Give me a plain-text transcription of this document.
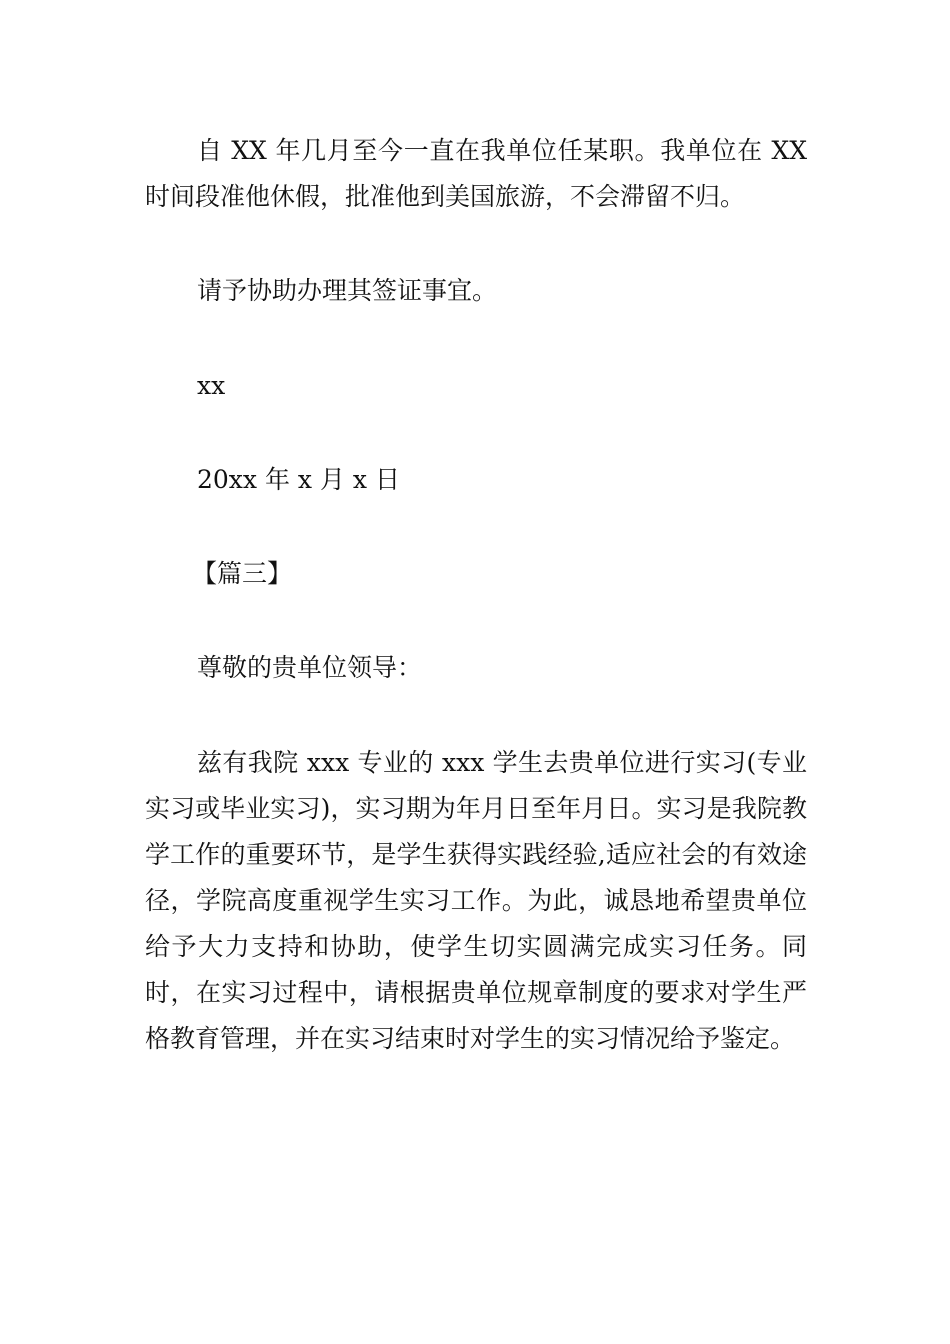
自 XX 年几月至今一直在我单位任某职。我单位在 XX 时间段准他休假，批准他到美国旅游，不会滞留不归。

请予协助办理其签证事宜。

xx

20xx 年 x 月 x 日

【篇三】

尊敬的贵单位领导：

兹有我院 xxx 专业的 xxx 学生去贵单位进行实习(专业实习或毕业实习)，实习期为年月日至年月日。实习是我院教学工作的重要环节，是学生获得实践经验,适应社会的有效途径，学院高度重视学生实习工作。为此，诚恳地希望贵单位给予大力支持和协助，使学生切实圆满完成实习任务。同时，在实习过程中，请根据贵单位规章制度的要求对学生严格教育管理，并在实习结束时对学生的实习情况给予鉴定。
